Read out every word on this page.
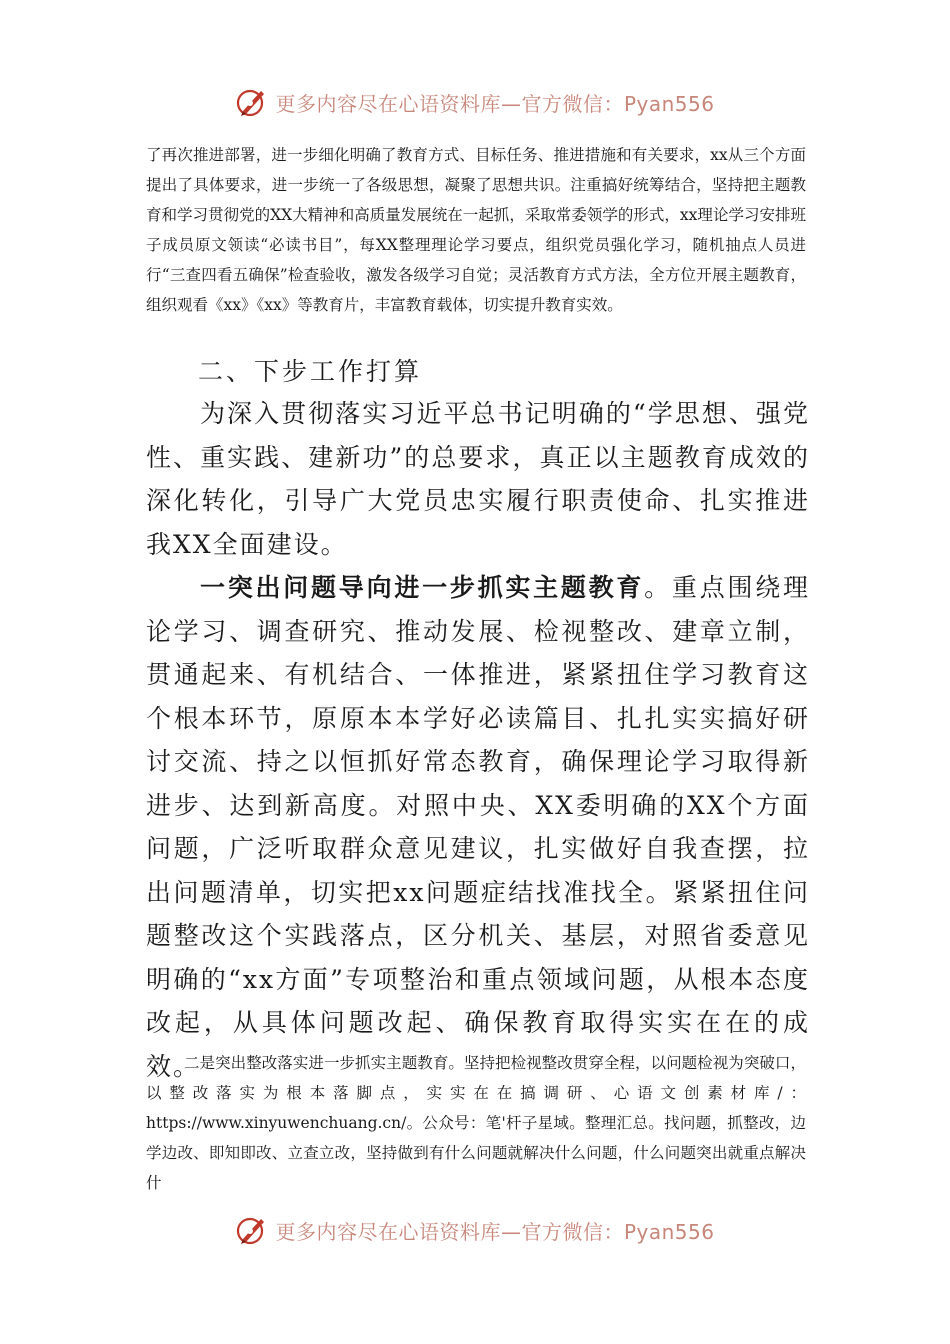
更多内容尽在心语资料库—官方微信：Pyan556

了再次推进部署，进一步细化明确了教育方式、目标任务、推进措施和有关要求，xx从三个方面提出了具体要求，进一步统一了各级思想，凝聚了思想共识。注重搞好统筹结合，坚持把主题教育和学习贯彻党的XX大精神和高质量发展统在一起抓，采取常委领学的形式，xx理论学习安排班子成员原文领读“必读书目”，每XX整理理论学习要点，组织党员强化学习，随机抽点人员进行“三查四看五确保”检查验收，激发各级学习自觉；灵活教育方式方法，全方位开展主题教育，组织观看《xx》《xx》等教育片，丰富教育载体，切实提升教育实效。

二、下步工作打算

为深入贯彻落实习近平总书记明确的“学思想、强党性、重实践、建新功”的总要求，真正以主题教育成效的深化转化，引导广大党员忠实履行职责使命、扎实推进我XX全面建设。

一突出问题导向进一步抓实主题教育。重点围绕理论学习、调查研究、推动发展、检视整改、建章立制，贯通起来、有机结合、一体推进，紧紧扭住学习教育这个根本环节，原原本本学好必读篇目、扎扎实实搞好研讨交流、持之以恒抓好常态教育，确保理论学习取得新进步、达到新高度。对照中央、XX委明确的XX个方面问题，广泛听取群众意见建议，扎实做好自我查摆，拉出问题清单，切实把xx问题症结找准找全。紧紧扭住问题整改这个实践落点，区分机关、基层，对照省委意见明确的“xx方面”专项整治和重点领域问题，从根本态度改起，从具体问题改起、确保教育取得实实在在的成效。

二是突出整改落实进一步抓实主题教育。坚持把检视整改贯穿全程，以问题检视为突破口，以整改落实为根本落脚点，实实在在搞调研、心语文创素材库/：https://www.xinyuwenchuang.cn/。公众号：笔'杆子星域。整理汇总。找问题，抓整改，边学边改、即知即改、立查立改，坚持做到有什么问题就解决什么问题，什么问题突出就重点解决什

更多内容尽在心语资料库—官方微信：Pyan556
